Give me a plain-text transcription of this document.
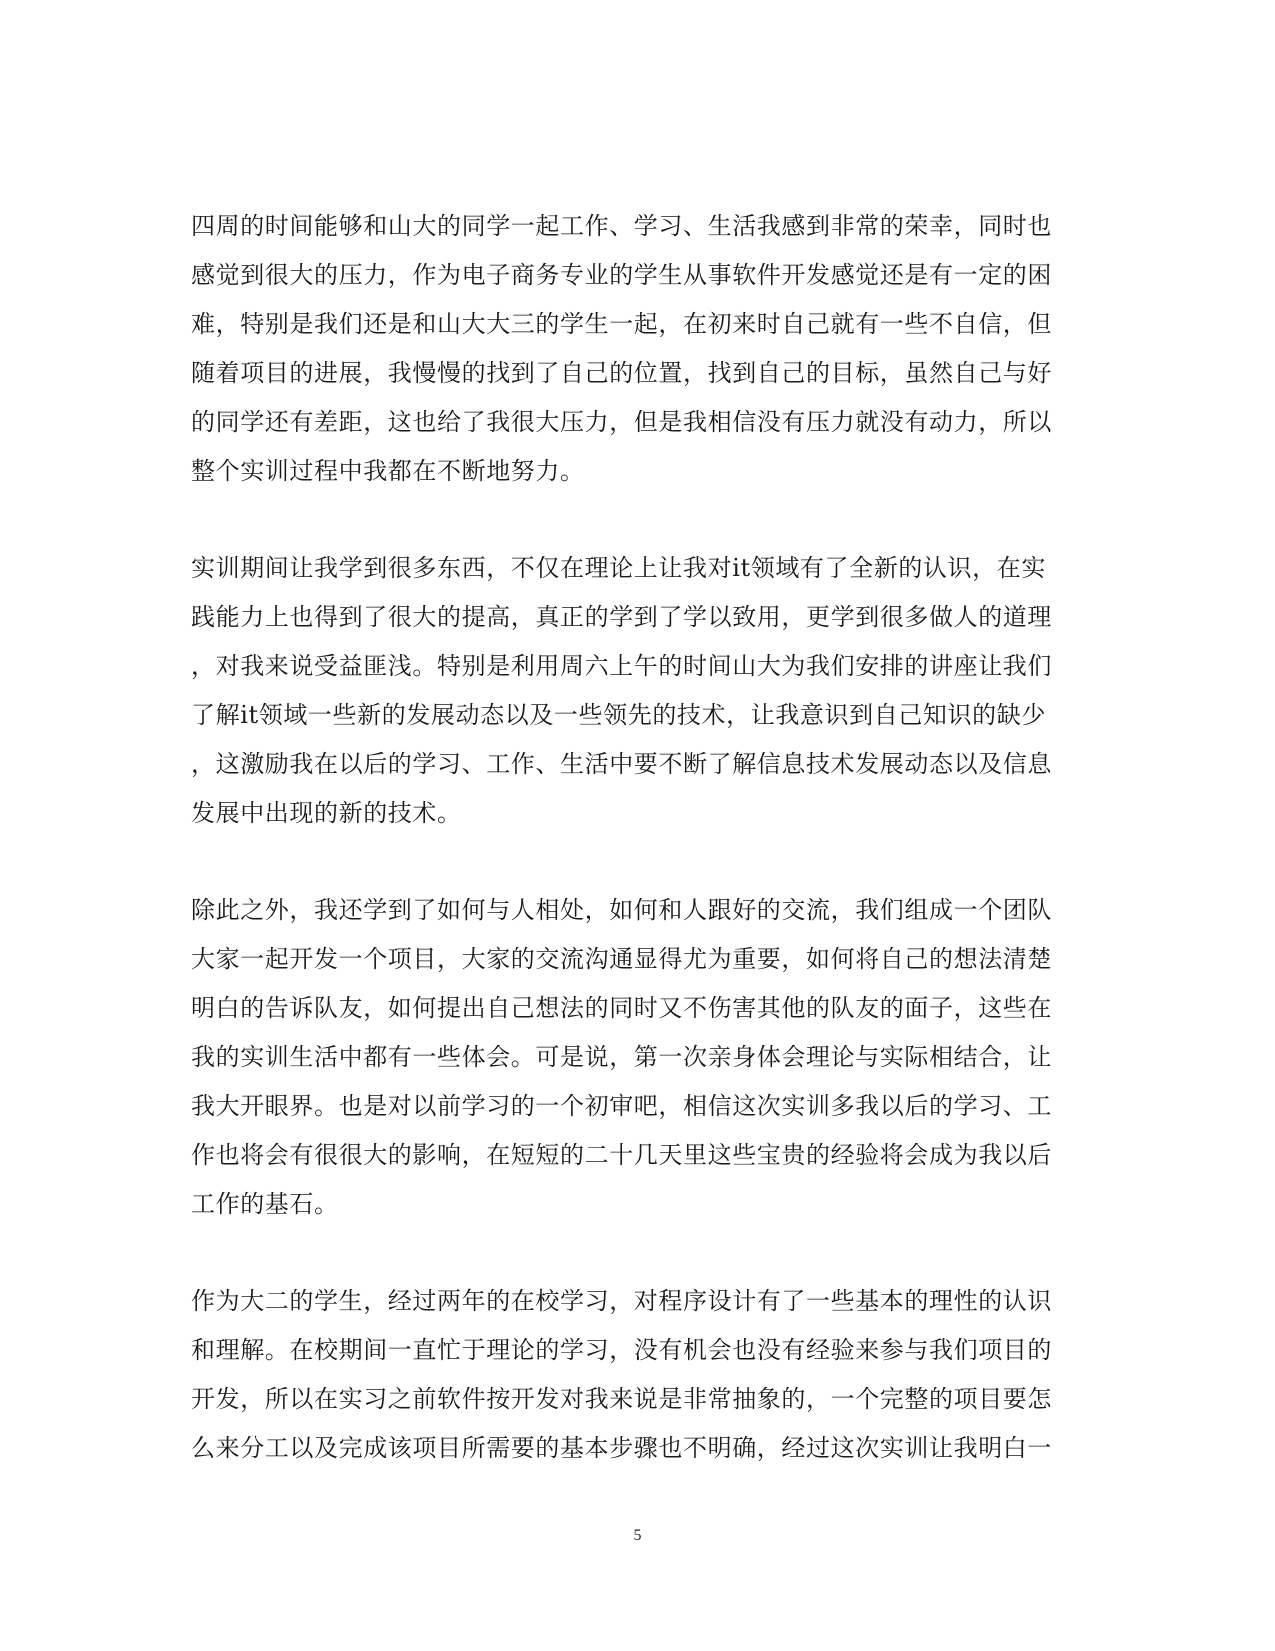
四周的时间能够和山大的同学一起工作、学习、生活我感到非常的荣幸，同时也
感觉到很大的压力，作为电子商务专业的学生从事软件开发感觉还是有一定的困
难，特别是我们还是和山大大三的学生一起，在初来时自己就有一些不自信，但
随着项目的进展，我慢慢的找到了自己的位置，找到自己的目标，虽然自己与好
的同学还有差距，这也给了我很大压力，但是我相信没有压力就没有动力，所以
整个实训过程中我都在不断地努力。

实训期间让我学到很多东西，不仅在理论上让我对it领域有了全新的认识，在实
践能力上也得到了很大的提高，真正的学到了学以致用，更学到很多做人的道理
，对我来说受益匪浅。特别是利用周六上午的时间山大为我们安排的讲座让我们
了解it领域一些新的发展动态以及一些领先的技术，让我意识到自己知识的缺少
，这激励我在以后的学习、工作、生活中要不断了解信息技术发展动态以及信息
发展中出现的新的技术。

除此之外，我还学到了如何与人相处，如何和人跟好的交流，我们组成一个团队
大家一起开发一个项目，大家的交流沟通显得尤为重要，如何将自己的想法清楚
明白的告诉队友，如何提出自己想法的同时又不伤害其他的队友的面子，这些在
我的实训生活中都有一些体会。可是说，第一次亲身体会理论与实际相结合，让
我大开眼界。也是对以前学习的一个初审吧，相信这次实训多我以后的学习、工
作也将会有很很大的影响，在短短的二十几天里这些宝贵的经验将会成为我以后
工作的基石。

作为大二的学生，经过两年的在校学习，对程序设计有了一些基本的理性的认识
和理解。在校期间一直忙于理论的学习，没有机会也没有经验来参与我们项目的
开发，所以在实习之前软件按开发对我来说是非常抽象的，一个完整的项目要怎
么来分工以及完成该项目所需要的基本步骤也不明确，经过这次实训让我明白一

5
